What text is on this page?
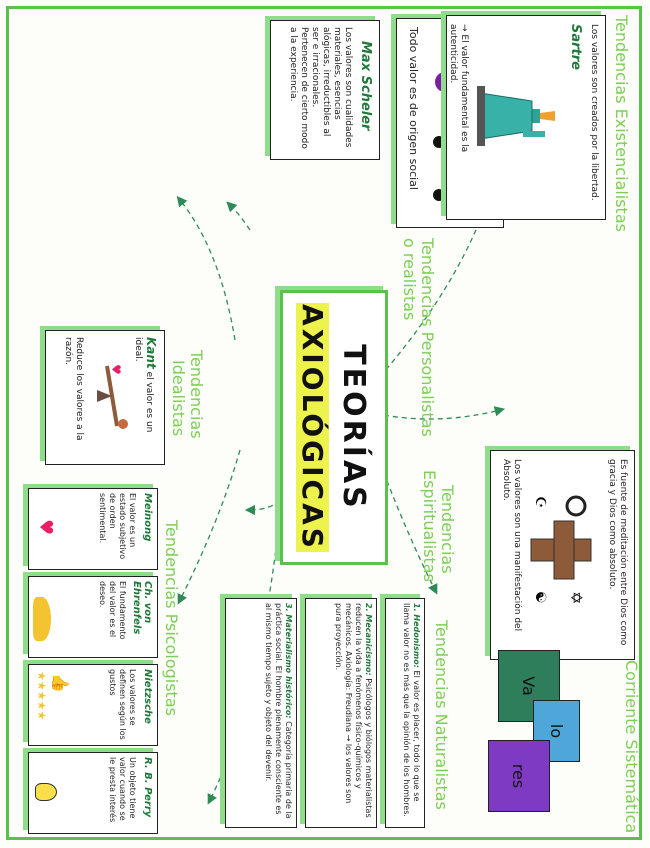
TEORÍAS
AXIOLÓGICAS
Todo valor es de origen social
Tendencias Personalistas
o realistas
Max Scheler
Los valores son cualidades materiales, esencias alógicas, irreductibles al ser e irracionales. Pertenecen de cierto modo a la experiencia.	Tendencias Existencialistas
Sartre Los valores son creados por la libertad.
→ El valor fundamental es la autenticidad.
Tendencias
Espiritualistas	Es fuente de meditación entre Dios como gracia y Dios como absoluto.
✡
☪
☯
Los valores son una manifestación del Absoluto.
Tendencias
Idealistas
Kant el valor es un ideal.
♥
Reduce los valores a la razón.
Tendencias Psicologistas
Meinong
El valor es un estado subjetivo de orden sentimental.
♥
Ch. von Ehrenfels
El fundamento del valor es el deseo.
Nietzsche
Los valores se definen según los gustos
👍
★★★★★
R. B. Perry
Un objeto tiene valor cuando se le presta interés	Tendencias Naturalistas
1. Hedonismo: El valor es placer, todo lo que se llama valor no es más que la opinión de los hombres.
2. Mecanicismo: Psicólogos y biólogos materialistas reducen la vida a fenómenos físico-químicos y mecánicos. Axiología: Freudiana → los valores son pura proyección.
3. Materialismo histórico: Categoría primaria de la práctica social. El hombre plenamente consciente es al mismo tiempo sujeto y objeto del devenir.	Corriente Sistemática
Va
lo
res
